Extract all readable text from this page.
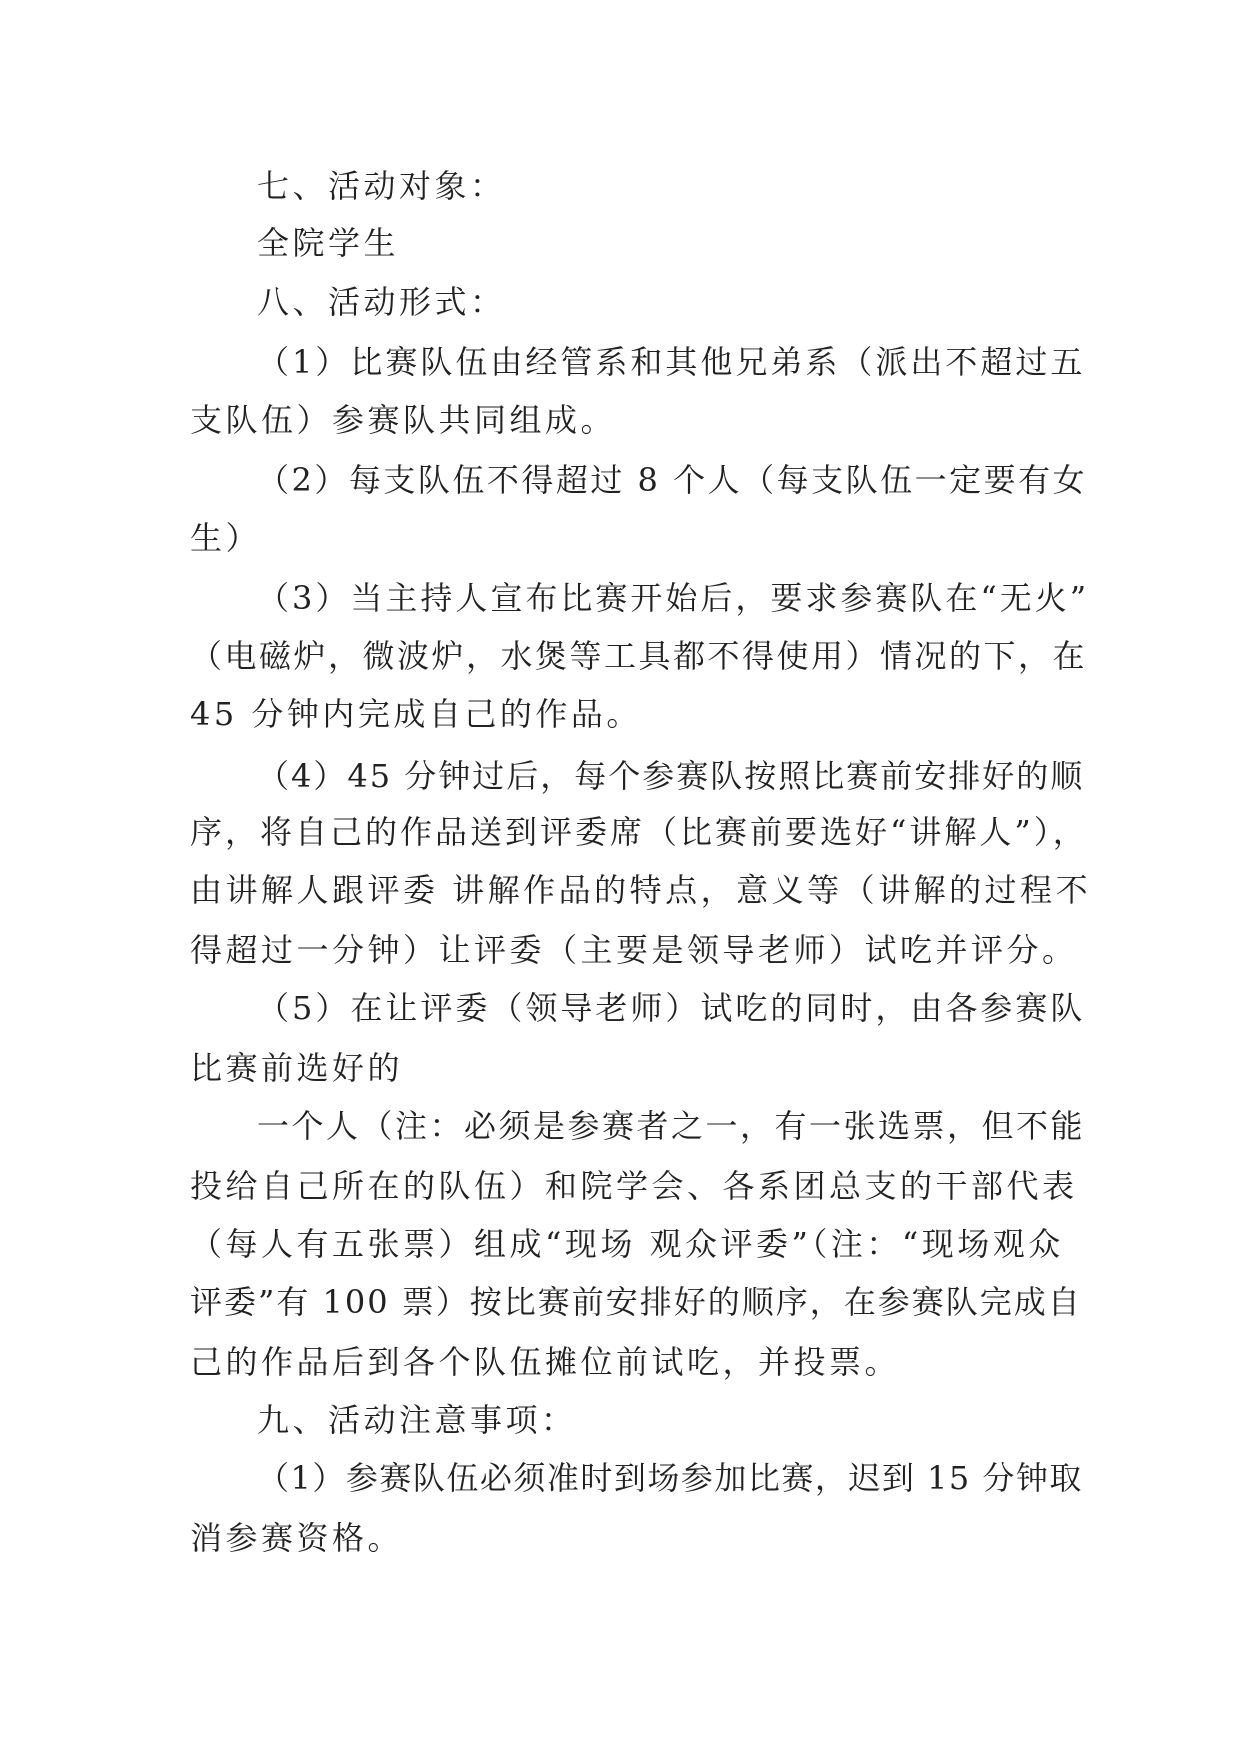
七、活动对象：
全院学生
八、活动形式：
（1）比赛队伍由经管系和其他兄弟系（派出不超过五
支队伍）参赛队共同组成。
（2）每支队伍不得超过 8 个人（每支队伍一定要有女
生）
（3）当主持人宣布比赛开始后，要求参赛队在“无火”
（电磁炉，微波炉，水煲等工具都不得使用）情况的下，在
45 分钟内完成自己的作品。
（4）45 分钟过后，每个参赛队按照比赛前安排好的顺
序，将自己的作品送到评委席（比赛前要选好“讲解人”），
由讲解人跟评委 讲解作品的特点，意义等（讲解的过程不
得超过一分钟）让评委（主要是领导老师）试吃并评分。
（5）在让评委（领导老师）试吃的同时，由各参赛队
比赛前选好的
一个人（注：必须是参赛者之一，有一张选票，但不能
投给自己所在的队伍）和院学会、各系团总支的干部代表
（每人有五张票）组成“现场 观众评委”（注：“现场观众
评委”有 100 票）按比赛前安排好的顺序，在参赛队完成自
己的作品后到各个队伍摊位前试吃，并投票。
九、活动注意事项：
（1）参赛队伍必须准时到场参加比赛，迟到 15 分钟取
消参赛资格。
